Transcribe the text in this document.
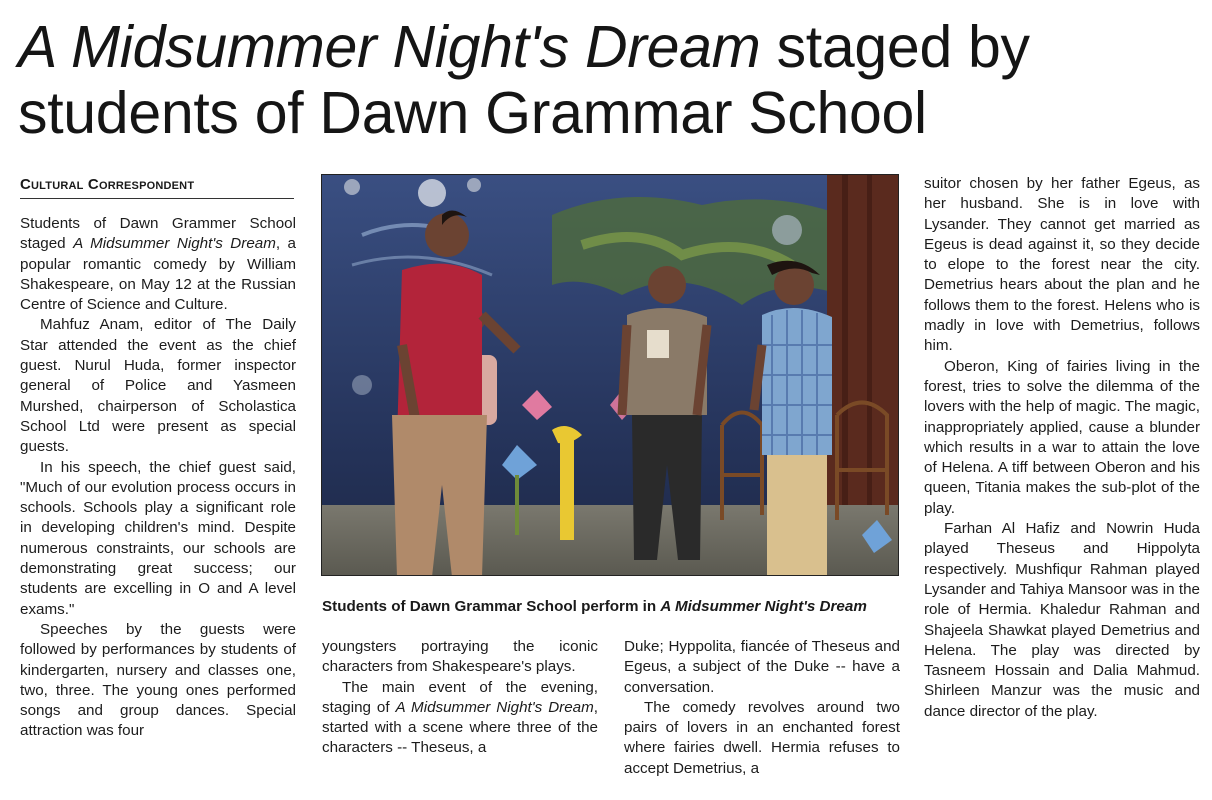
A Midsummer Night's Dream staged by
students of Dawn Grammar School
Cultural Correspondent

Students of Dawn Grammer School staged A Midsummer Night's Dream, a popular romantic comedy by William Shakespeare, on May 12 at the Russian Centre of Science and Culture.

Mahfuz Anam, editor of The Daily Star attended the event as the chief guest. Nurul Huda, former inspector general of Police and Yasmeen Murshed, chairperson of Scholastica School Ltd were present as special guests.

In his speech, the chief guest said, "Much of our evolution process occurs in schools. Schools play a significant role in developing children's mind. Despite numerous constraints, our schools are demonstrating great success; our students are excelling in O and A level exams."

Speeches by the guests were followed by performances by students of kindergarten, nursery and classes one, two, three. The young ones performed songs and group dances. Special attraction was four

Students of Dawn Grammar School perform in A Midsummer Night's Dream

youngsters portraying the iconic characters from Shakespeare's plays.

The main event of the evening, staging of A Midsummer Night's Dream, started with a scene where three of the characters -- Theseus, a

Duke; Hyppolita, fiancée of Theseus and Egeus, a subject of the Duke -- have a conversation.

The comedy revolves around two pairs of lovers in an enchanted forest where fairies dwell. Hermia refuses to accept Demetrius, a

suitor chosen by her father Egeus, as her husband. She is in love with Lysander. They cannot get married as Egeus is dead against it, so they decide to elope to the forest near the city. Demetrius hears about the plan and he follows them to the forest. Helens who is madly in love with Demetrius, follows him.

Oberon, King of fairies living in the forest, tries to solve the dilemma of the lovers with the help of magic. The magic, inappropriately applied, cause a blunder which results in a war to attain the love of Helena. A tiff between Oberon and his queen, Titania makes the sub-plot of the play.

Farhan Al Hafiz and Nowrin Huda played Theseus and Hippolyta respectively. Mushfiqur Rahman played Lysander and Tahiya Mansoor was in the role of Hermia. Khaledur Rahman and Shajeela Shawkat played Demetrius and Helena. The play was directed by Tasneem Hossain and Dalia Mahmud. Shirleen Manzur was the music and dance director of the play.
